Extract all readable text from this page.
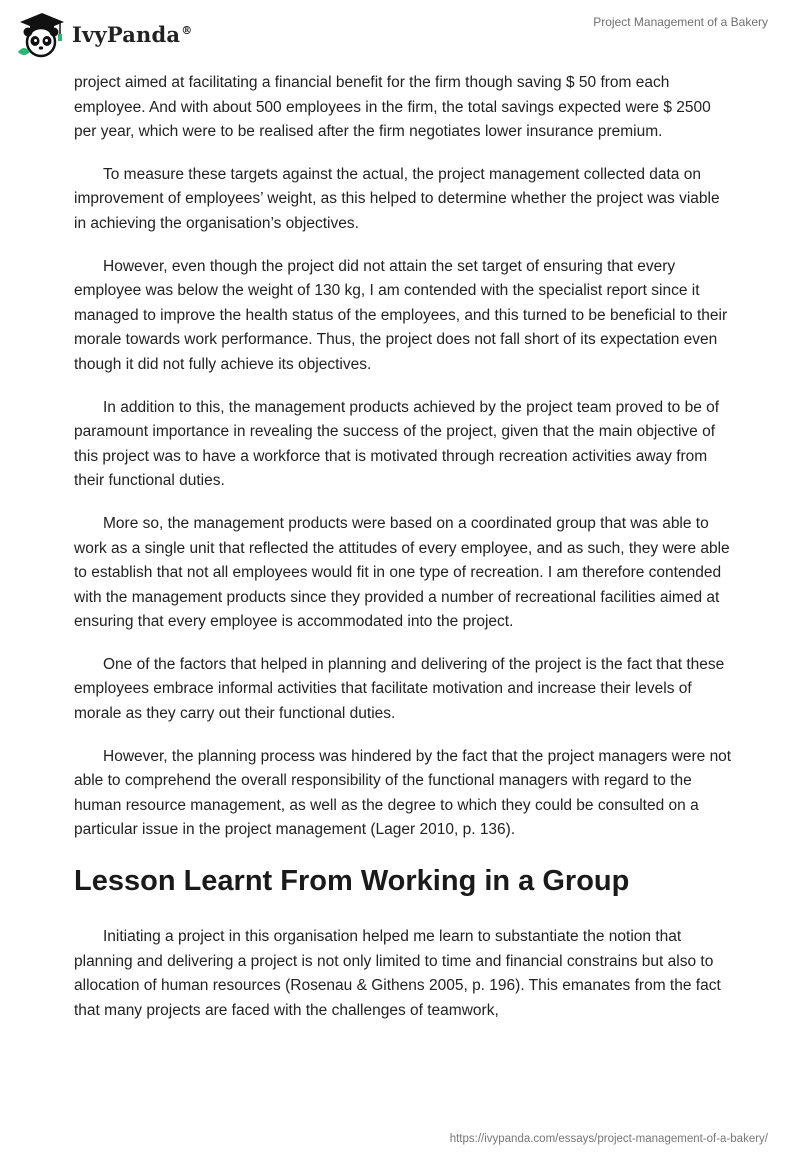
IvyPanda®
Project Management of a Bakery

project aimed at facilitating a financial benefit for the firm though saving $ 50 from each employee. And with about 500 employees in the firm, the total savings expected were $ 2500 per year, which were to be realised after the firm negotiates lower insurance premium.

To measure these targets against the actual, the project management collected data on improvement of employees’ weight, as this helped to determine whether the project was viable in achieving the organisation’s objectives.

However, even though the project did not attain the set target of ensuring that every employee was below the weight of 130 kg, I am contended with the specialist report since it managed to improve the health status of the employees, and this turned to be beneficial to their morale towards work performance. Thus, the project does not fall short of its expectation even though it did not fully achieve its objectives.

In addition to this, the management products achieved by the project team proved to be of paramount importance in revealing the success of the project, given that the main objective of this project was to have a workforce that is motivated through recreation activities away from their functional duties.

More so, the management products were based on a coordinated group that was able to work as a single unit that reflected the attitudes of every employee, and as such, they were able to establish that not all employees would fit in one type of recreation. I am therefore contended with the management products since they provided a number of recreational facilities aimed at ensuring that every employee is accommodated into the project.

One of the factors that helped in planning and delivering of the project is the fact that these employees embrace informal activities that facilitate motivation and increase their levels of morale as they carry out their functional duties.

However, the planning process was hindered by the fact that the project managers were not able to comprehend the overall responsibility of the functional managers with regard to the human resource management, as well as the degree to which they could be consulted on a particular issue in the project management (Lager 2010, p. 136).

Lesson Learnt From Working in a Group

Initiating a project in this organisation helped me learn to substantiate the notion that planning and delivering a project is not only limited to time and financial constrains but also to allocation of human resources (Rosenau & Githens 2005, p. 196). This emanates from the fact that many projects are faced with the challenges of teamwork,

https://ivypanda.com/essays/project-management-of-a-bakery/
